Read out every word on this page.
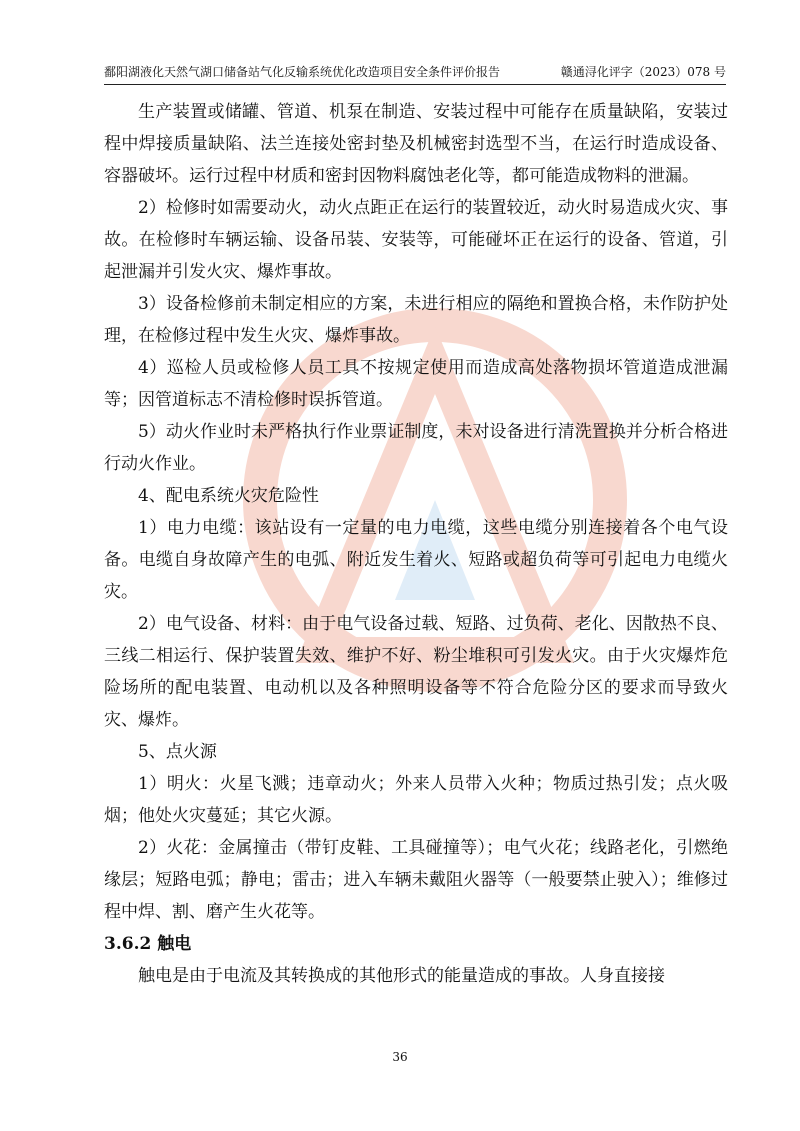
鄱阳湖液化天然气湖口储备站气化反输系统优化改造项目安全条件评价报告	赣通浔化评字（2023）078 号

生产装置或储罐、管道、机泵在制造、安装过程中可能存在质量缺陷，安装过程中焊接质量缺陷、法兰连接处密封垫及机械密封选型不当，在运行时造成设备、容器破坏。运行过程中材质和密封因物料腐蚀老化等，都可能造成物料的泄漏。

2）检修时如需要动火，动火点距正在运行的装置较近，动火时易造成火灾、事故。在检修时车辆运输、设备吊装、安装等，可能碰坏正在运行的设备、管道，引起泄漏并引发火灾、爆炸事故。

3）设备检修前未制定相应的方案，未进行相应的隔绝和置换合格，未作防护处理，在检修过程中发生火灾、爆炸事故。

4）巡检人员或检修人员工具不按规定使用而造成高处落物损坏管道造成泄漏等；因管道标志不清检修时误拆管道。

5）动火作业时未严格执行作业票证制度，未对设备进行清洗置换并分析合格进行动火作业。

4、配电系统火灾危险性

1）电力电缆：该站设有一定量的电力电缆，这些电缆分别连接着各个电气设备。电缆自身故障产生的电弧、附近发生着火、短路或超负荷等可引起电力电缆火灾。

2）电气设备、材料：由于电气设备过载、短路、过负荷、老化、因散热不良、三线二相运行、保护装置失效、维护不好、粉尘堆积可引发火灾。由于火灾爆炸危险场所的配电装置、电动机以及各种照明设备等不符合危险分区的要求而导致火灾、爆炸。

5、点火源

1）明火：火星飞溅；违章动火；外来人员带入火种；物质过热引发；点火吸烟；他处火灾蔓延；其它火源。

2）火花：金属撞击（带钉皮鞋、工具碰撞等）；电气火花；线路老化，引燃绝缘层；短路电弧；静电；雷击；进入车辆未戴阻火器等（一般要禁止驶入）；维修过程中焊、割、磨产生火花等。

3.6.2 触电

触电是由于电流及其转换成的其他形式的能量造成的事故。人身直接接

36
